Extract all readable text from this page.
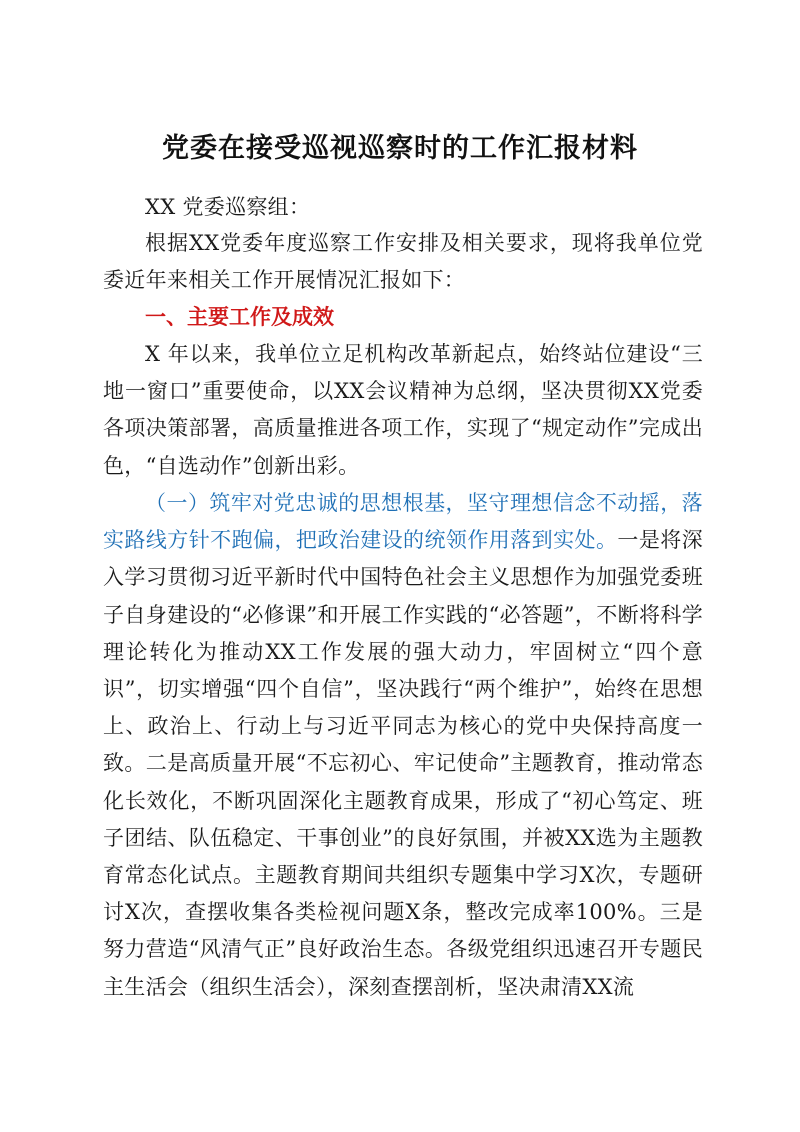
党委在接受巡视巡察时的工作汇报材料
XX 党委巡察组：
根据XX党委年度巡察工作安排及相关要求，现将我单位党委近年来相关工作开展情况汇报如下：
一、主要工作及成效
X 年以来，我单位立足机构改革新起点，始终站位建设“三地一窗口”重要使命，以XX会议精神为总纲，坚决贯彻XX党委各项决策部署，高质量推进各项工作，实现了“规定动作”完成出色，“自选动作”创新出彩。
（一）筑牢对党忠诚的思想根基，坚守理想信念不动摇，落实路线方针不跑偏，把政治建设的统领作用落到实处。一是将深入学习贯彻习近平新时代中国特色社会主义思想作为加强党委班子自身建设的“必修课”和开展工作实践的“必答题”，不断将科学理论转化为推动XX工作发展的强大动力，牢固树立“四个意识”，切实增强“四个自信”，坚决践行“两个维护”，始终在思想上、政治上、行动上与习近平同志为核心的党中央保持高度一致。二是高质量开展“不忘初心、牢记使命”主题教育，推动常态化长效化，不断巩固深化主题教育成果，形成了“初心笃定、班子团结、队伍稳定、干事创业”的良好氛围，并被XX选为主题教育常态化试点。主题教育期间共组织专题集中学习X次，专题研讨X次，查摆收集各类检视问题X条，整改完成率100%。三是努力营造“风清气正”良好政治生态。各级党组织迅速召开专题民主生活会（组织生活会），深刻查摆剖析，坚决肃清XX流
